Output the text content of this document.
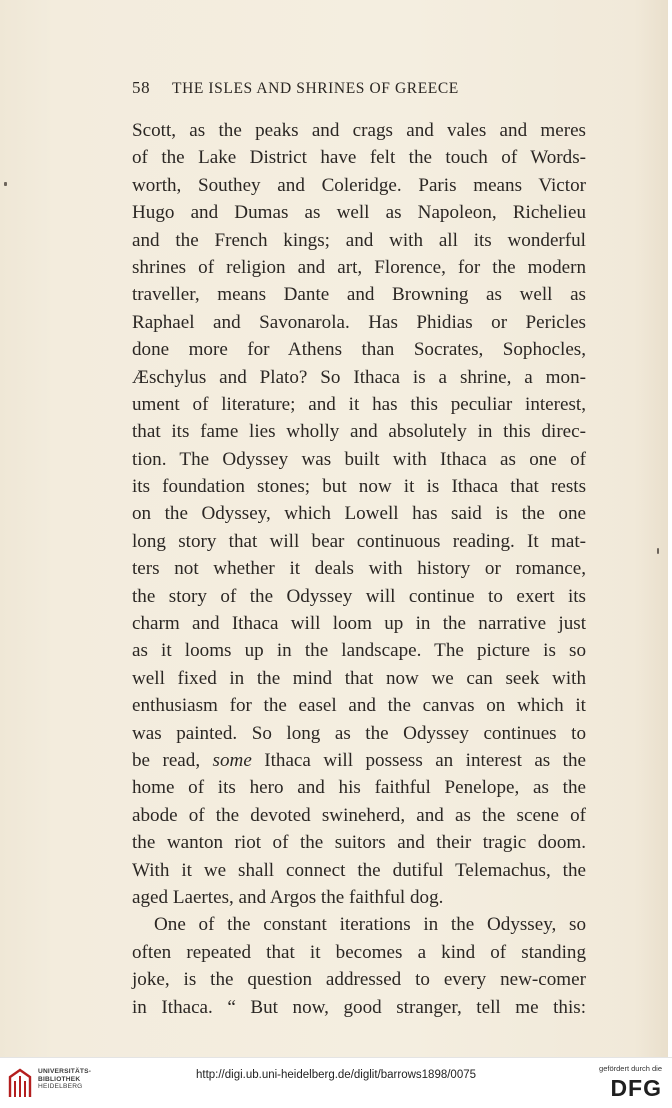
58 THE ISLES AND SHRINES OF GREECE
Scott, as the peaks and crags and vales and meres
of the Lake District have felt the touch of Words-
worth, Southey and Coleridge. Paris means Victor
Hugo and Dumas as well as Napoleon, Richelieu
and the French kings; and with all its wonderful
shrines of religion and art, Florence, for the modern
traveller, means Dante and Browning as well as
Raphael and Savonarola. Has Phidias or Pericles
done more for Athens than Socrates, Sophocles,
Æschylus and Plato? So Ithaca is a shrine, a mon-
ument of literature; and it has this peculiar interest,
that its fame lies wholly and absolutely in this direc-
tion. The Odyssey was built with Ithaca as one of
its foundation stones; but now it is Ithaca that rests
on the Odyssey, which Lowell has said is the one
long story that will bear continuous reading. It mat-
ters not whether it deals with history or romance,
the story of the Odyssey will continue to exert its
charm and Ithaca will loom up in the narrative just
as it looms up in the landscape. The picture is so
well fixed in the mind that now we can seek with
enthusiasm for the easel and the canvas on which it
was painted. So long as the Odyssey continues to
be read, some Ithaca will possess an interest as the
home of its hero and his faithful Penelope, as the
abode of the devoted swineherd, and as the scene of
the wanton riot of the suitors and their tragic doom.
With it we shall connect the dutiful Telemachus, the
aged Laertes, and Argos the faithful dog.
One of the constant iterations in the Odyssey, so
often repeated that it becomes a kind of standing
joke, is the question addressed to every new-comer
in Ithaca. “ But now, good stranger, tell me this:
UNIVERSITÄTS-
BIBLIOTHEK
HEIDELBERG
http://digi.ub.uni-heidelberg.de/diglit/barrows1898/0075
gefördert durch die
DFG
